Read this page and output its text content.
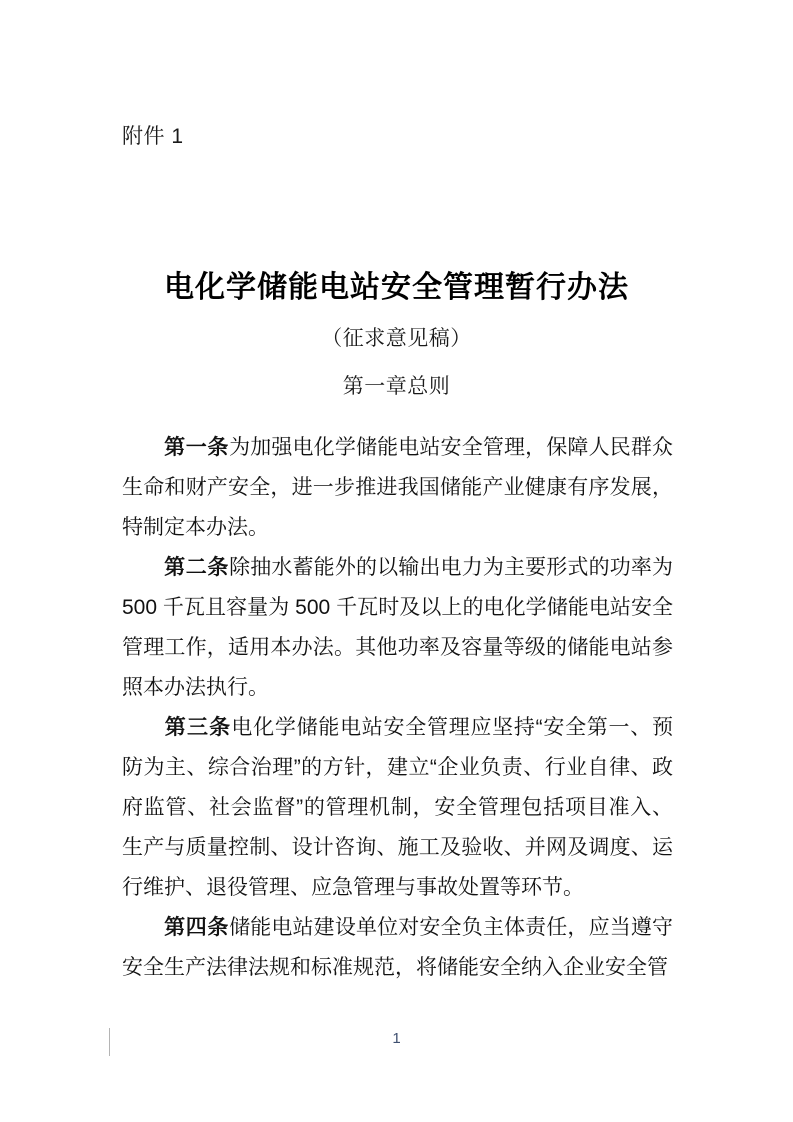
附件 1
电化学储能电站安全管理暂行办法
（征求意见稿）
第一章总则

第一条为加强电化学储能电站安全管理，保障人民群众生命和财产安全，进一步推进我国储能产业健康有序发展，特制定本办法。

第二条除抽水蓄能外的以输出电力为主要形式的功率为 500 千瓦且容量为 500 千瓦时及以上的电化学储能电站安全管理工作，适用本办法。其他功率及容量等级的储能电站参照本办法执行。

第三条电化学储能电站安全管理应坚持“安全第一、预防为主、综合治理”的方针，建立“企业负责、行业自律、政府监管、社会监督”的管理机制，安全管理包括项目准入、生产与质量控制、设计咨询、施工及验收、并网及调度、运行维护、退役管理、应急管理与事故处置等环节。

第四条储能电站建设单位对安全负主体责任，应当遵守安全生产法律法规和标准规范，将储能安全纳入企业安全管

1
